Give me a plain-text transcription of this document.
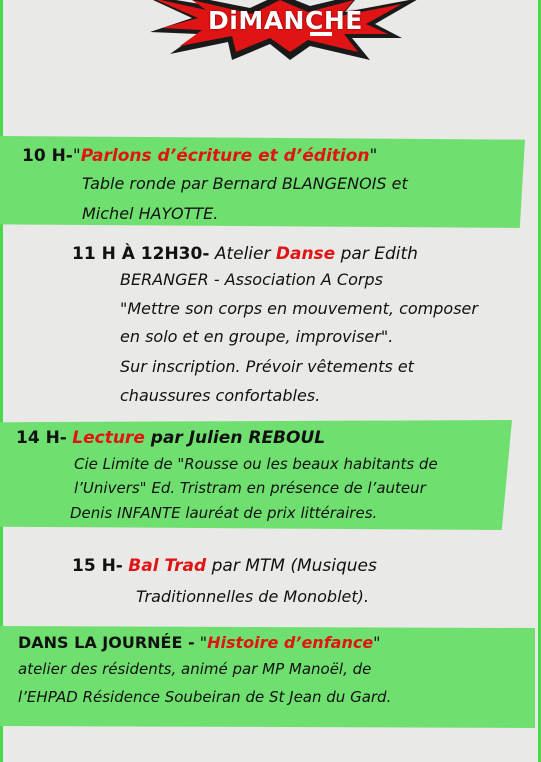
DiMANCHE
10 H-"Parlons d’écriture et d’édition"
Table ronde par Bernard BLANGENOIS et
Michel HAYOTTE.
11 H À 12H30- Atelier Danse par Edith
BERANGER - Association A Corps
"Mettre son corps en mouvement, composer
en solo et en groupe, improviser".
Sur inscription. Prévoir vêtements et
chaussures confortables.
14 H- Lecture par Julien REBOUL
Cie Limite de "Rousse ou les beaux habitants de
l’Univers" Ed. Tristram en présence de l’auteur
Denis INFANTE lauréat de prix littéraires.
15 H- Bal Trad par MTM (Musiques
Traditionnelles de Monoblet).
DANS LA JOURNÉE - "Histoire d’enfance"
atelier des résidents, animé par MP Manoël, de
l’EHPAD Résidence Soubeiran de St Jean du Gard.
